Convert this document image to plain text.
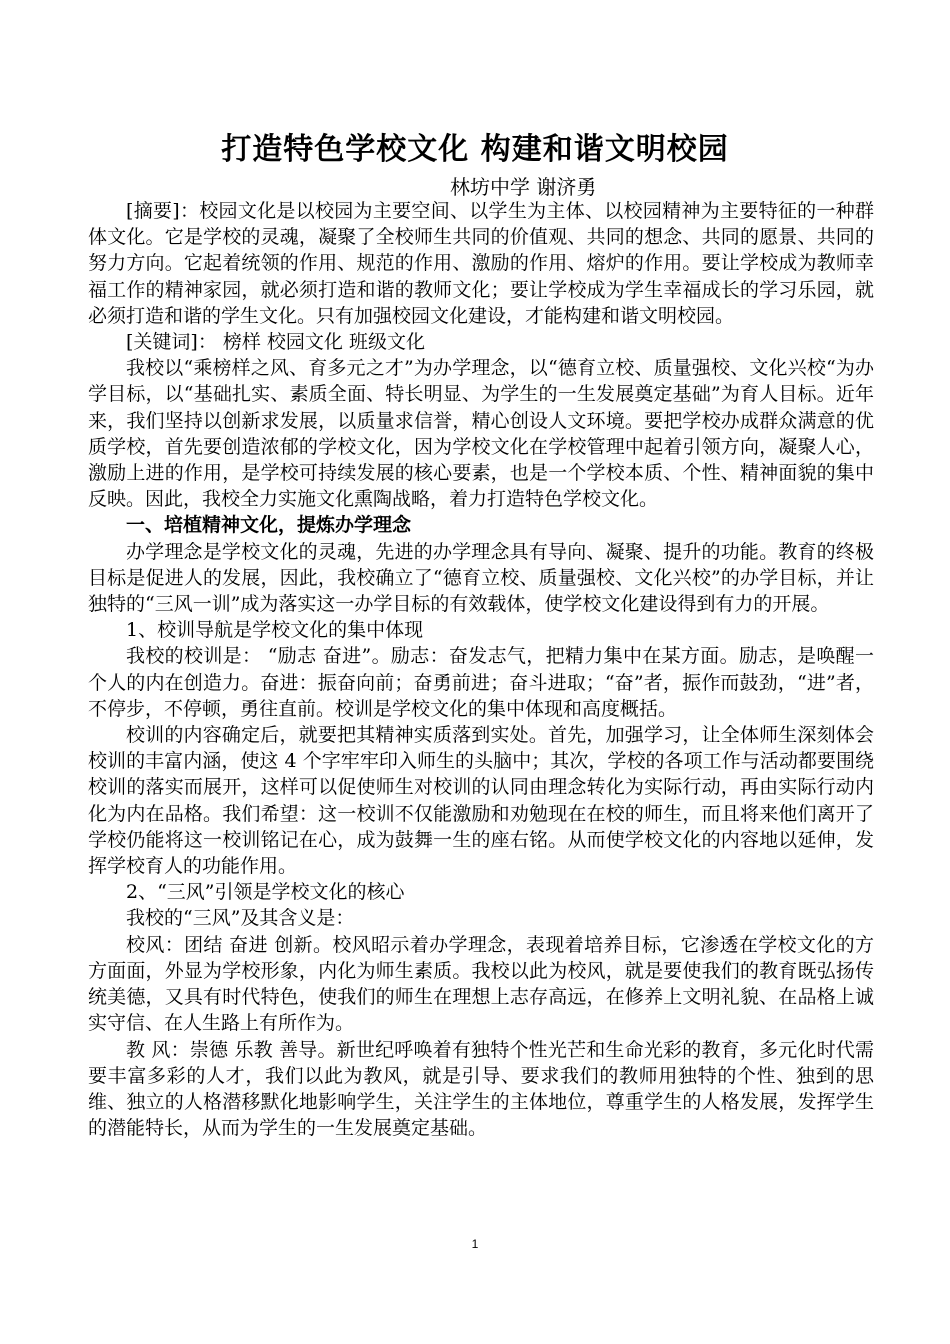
打造特色学校文化 构建和谐文明校园
林坊中学 谢济勇

[摘要]：校园文化是以校园为主要空间、以学生为主体、以校园精神为主要特征的一种群体文化。它是学校的灵魂，凝聚了全校师生共同的价值观、共同的想念、共同的愿景、共同的努力方向。它起着统领的作用、规范的作用、激励的作用、熔炉的作用。要让学校成为教师幸福工作的精神家园，就必须打造和谐的教师文化；要让学校成为学生幸福成长的学习乐园，就必须打造和谐的学生文化。只有加强校园文化建设，才能构建和谐文明校园。

[关键词]： 榜样 校园文化 班级文化

我校以“乘榜样之风、育多元之才”为办学理念，以“德育立校、质量强校、文化兴校“为办学目标，以“基础扎实、素质全面、特长明显、为学生的一生发展奠定基础”为育人目标。近年来，我们坚持以创新求发展，以质量求信誉，精心创设人文环境。要把学校办成群众满意的优质学校，首先要创造浓郁的学校文化，因为学校文化在学校管理中起着引领方向，凝聚人心，激励上进的作用，是学校可持续发展的核心要素，也是一个学校本质、个性、精神面貌的集中反映。因此，我校全力实施文化熏陶战略，着力打造特色学校文化。

一、培植精神文化，提炼办学理念

办学理念是学校文化的灵魂，先进的办学理念具有导向、凝聚、提升的功能。教育的终极目标是促进人的发展，因此，我校确立了“德育立校、质量强校、文化兴校”的办学目标，并让独特的“三风一训”成为落实这一办学目标的有效载体，使学校文化建设得到有力的开展。

1、校训导航是学校文化的集中体现

我校的校训是： “励志 奋进”。励志：奋发志气，把精力集中在某方面。励志，是唤醒一个人的内在创造力。奋进：振奋向前；奋勇前进；奋斗进取；“奋”者，振作而鼓劲，“进”者，不停步，不停顿，勇往直前。校训是学校文化的集中体现和高度概括。

校训的内容确定后，就要把其精神实质落到实处。首先，加强学习，让全体师生深刻体会校训的丰富内涵，使这 4 个字牢牢印入师生的头脑中；其次，学校的各项工作与活动都要围绕校训的落实而展开，这样可以促使师生对校训的认同由理念转化为实际行动，再由实际行动内化为内在品格。我们希望：这一校训不仅能激励和劝勉现在在校的师生，而且将来他们离开了学校仍能将这一校训铭记在心，成为鼓舞一生的座右铭。从而使学校文化的内容地以延伸，发挥学校育人的功能作用。

2、“三风”引领是学校文化的核心

我校的“三风”及其含义是：

校风：团结 奋进 创新。校风昭示着办学理念，表现着培养目标，它渗透在学校文化的方方面面，外显为学校形象，内化为师生素质。我校以此为校风，就是要使我们的教育既弘扬传统美德，又具有时代特色，使我们的师生在理想上志存高远，在修养上文明礼貌、在品格上诚实守信、在人生路上有所作为。

教 风：崇德 乐教 善导。新世纪呼唤着有独特个性光芒和生命光彩的教育，多元化时代需要丰富多彩的人才，我们以此为教风，就是引导、要求我们的教师用独特的个性、独到的思维、独立的人格潜移默化地影响学生，关注学生的主体地位，尊重学生的人格发展，发挥学生的潜能特长，从而为学生的一生发展奠定基础。

1
